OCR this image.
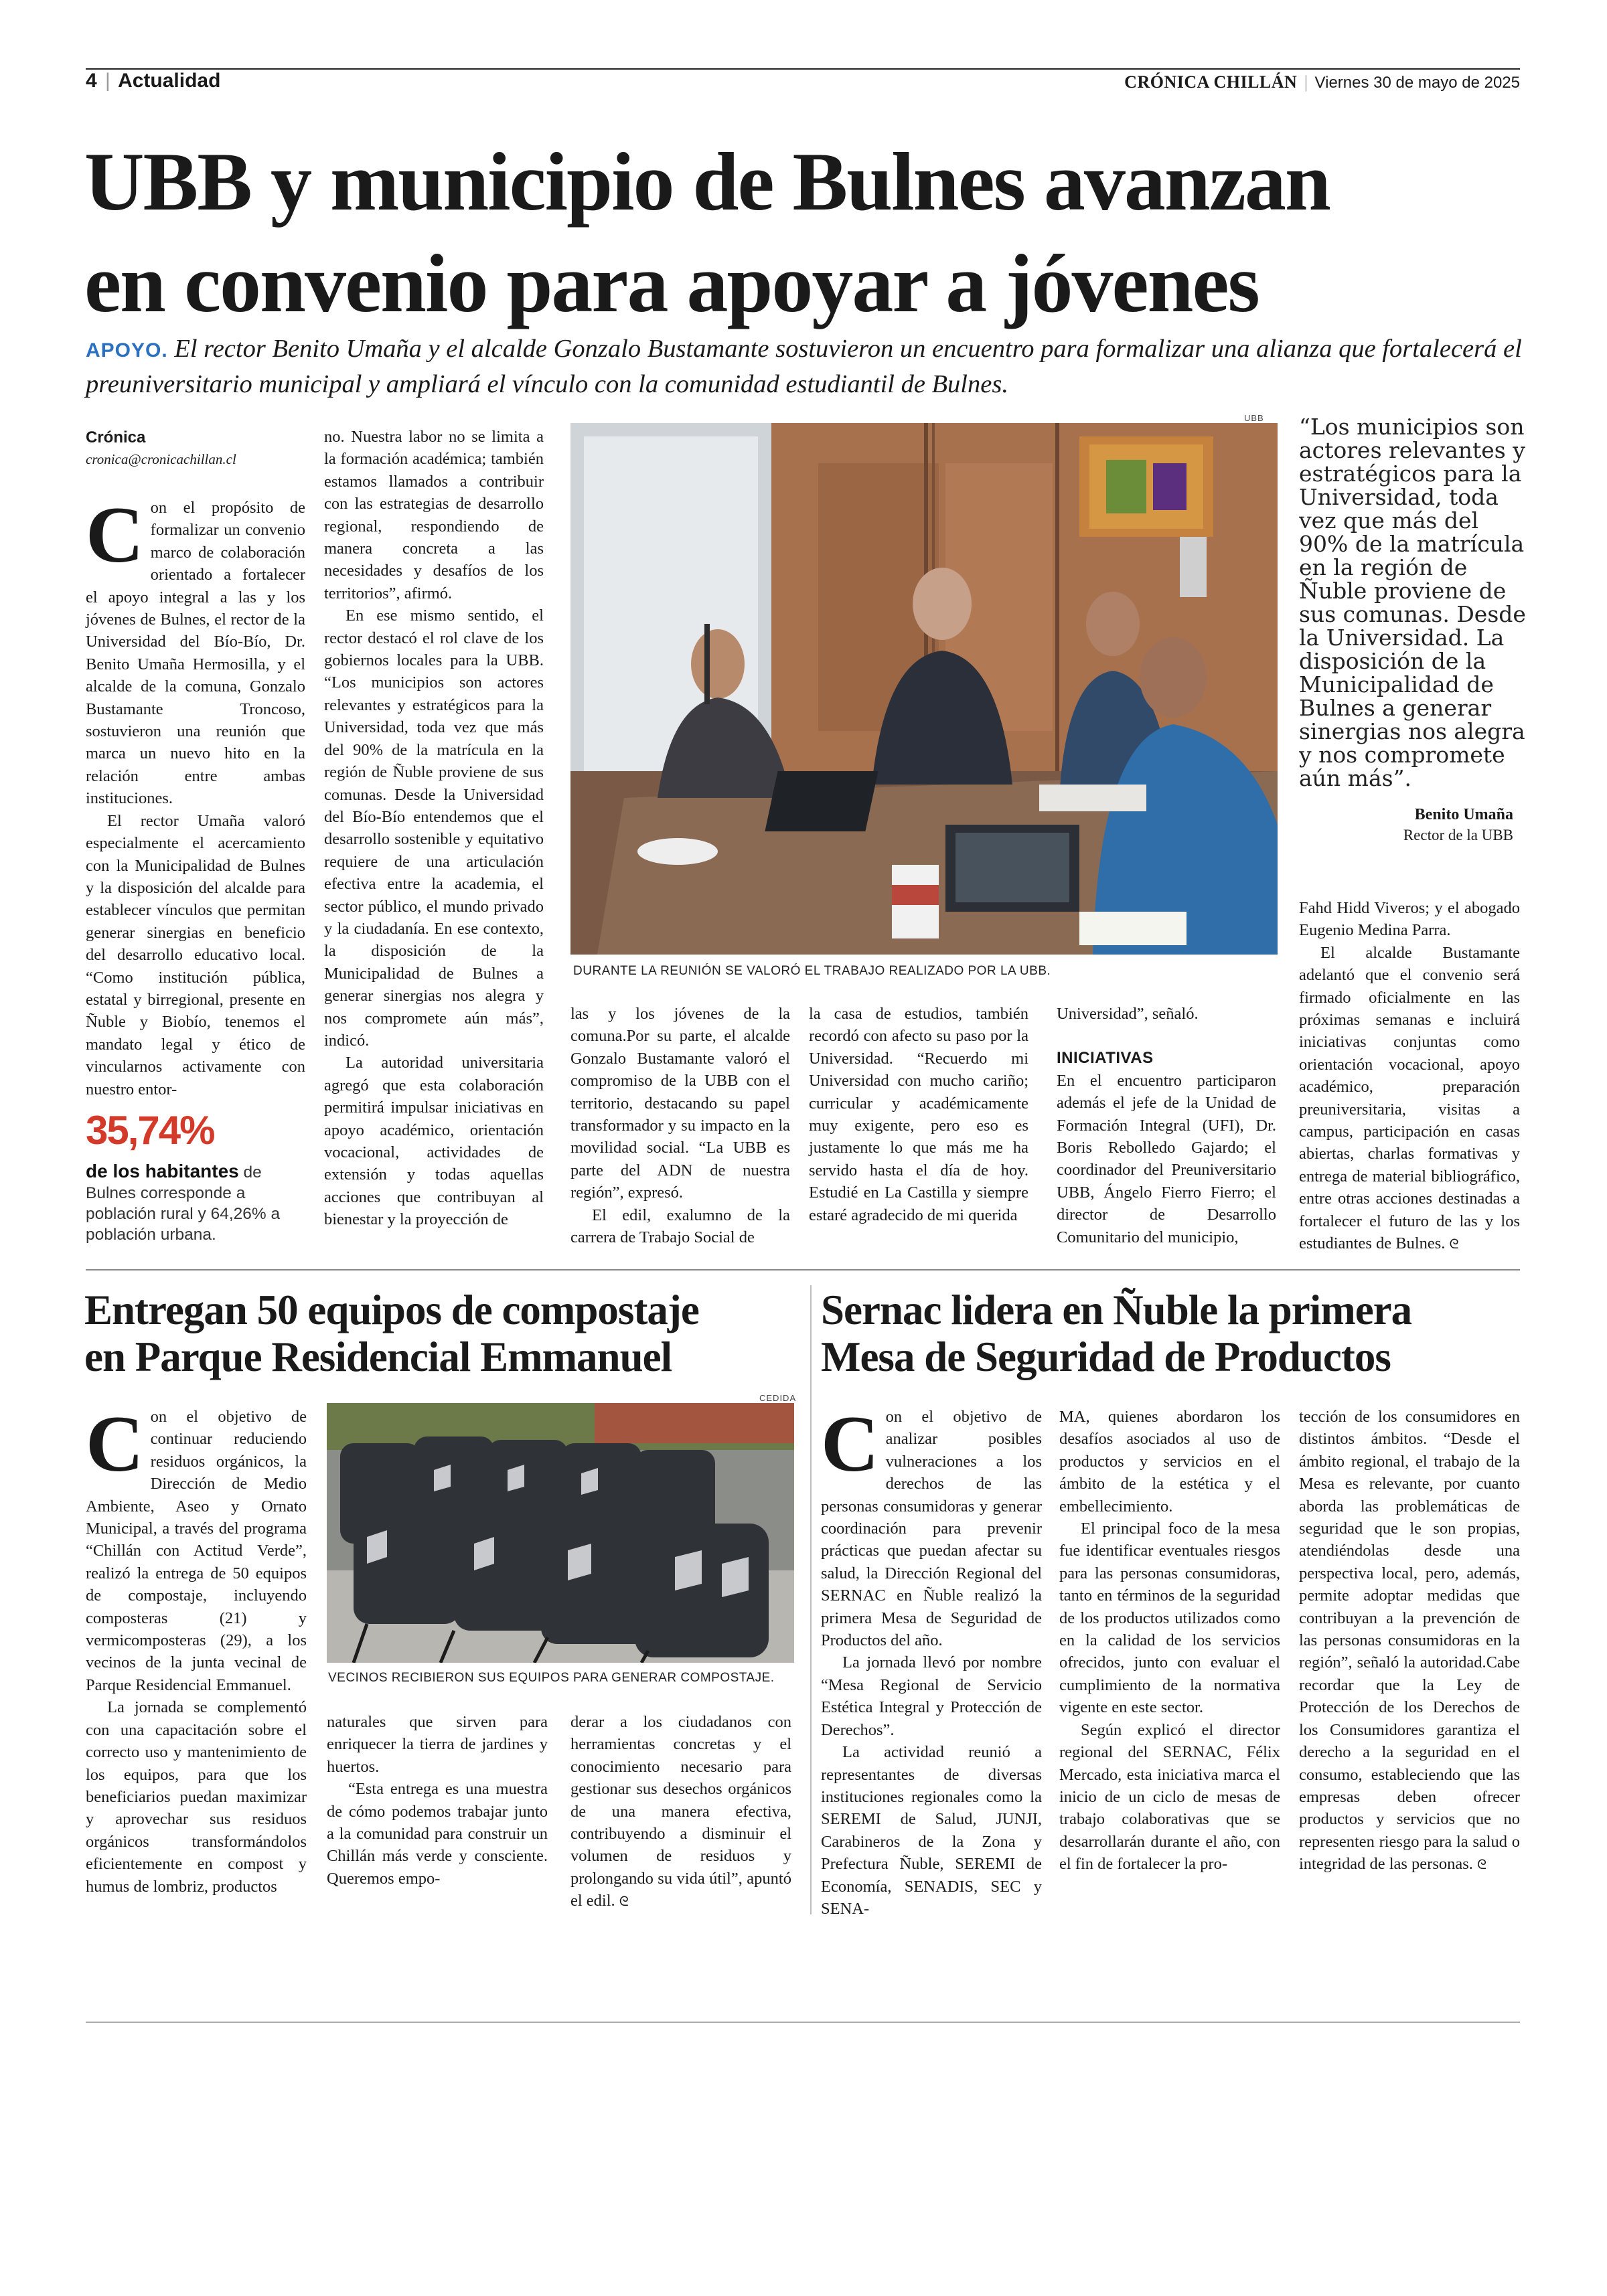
4 | Actualidad	CRÓNICA CHILLÁN | Viernes 30 de mayo de 2025
UBB y municipio de Bulnes avanzan
en convenio para apoyar a jóvenes
APOYO. El rector Benito Umaña y el alcalde Gonzalo Bustamante sostuvieron un encuentro para formalizar una alianza que fortalecerá el preuniversitario municipal y ampliará el vínculo con la comunidad estudiantil de Bulnes.
Crónica
cronica@cronicachillan.cl

Con el propósito de formalizar un convenio marco de colaboración orientado a fortalecer el apoyo integral a las y los jóvenes de Bulnes, el rector de la Universidad del Bío-Bío, Dr. Benito Umaña Hermosilla, y el alcalde de la comuna, Gonzalo Bustamante Troncoso, sostuvieron una reunión que marca un nuevo hito en la relación entre ambas instituciones.

El rector Umaña valoró especialmente el acercamiento con la Municipalidad de Bulnes y la disposición del alcalde para establecer vínculos que permitan generar sinergias en beneficio del desarrollo educativo local. “Como institución pública, estatal y birregional, presente en Ñuble y Biobío, tenemos el mandato legal y ético de vincularnos activamente con nuestro entor-

35,74%
de los habitantes de Bulnes corresponde a población rural y 64,26% a población urbana.

no. Nuestra labor no se limita a la formación académica; también estamos llamados a contribuir con las estrategias de desarrollo regional, respondiendo de manera concreta a las necesidades y desafíos de los territorios”, afirmó.

En ese mismo sentido, el rector destacó el rol clave de los gobiernos locales para la UBB. “Los municipios son actores relevantes y estratégicos para la Universidad, toda vez que más del 90% de la matrícula en la región de Ñuble proviene de sus comunas. Desde la Universidad del Bío-Bío entendemos que el desarrollo sostenible y equitativo requiere de una articulación efectiva entre la academia, el sector público, el mundo privado y la ciudadanía. En ese contexto, la disposición de la Municipalidad de Bulnes a generar sinergias nos alegra y nos compromete aún más”, indicó.

La autoridad universitaria agregó que esta colaboración permitirá impulsar iniciativas en apoyo académico, orientación vocacional, actividades de extensión y todas aquellas acciones que contribuyan al bienestar y la proyección de

UBB
DURANTE LA REUNIÓN SE VALORÓ EL TRABAJO REALIZADO POR LA UBB.

las y los jóvenes de la comuna.Por su parte, el alcalde Gonzalo Bustamante valoró el compromiso de la UBB con el territorio, destacando su papel transformador y su impacto en la movilidad social. “La UBB es parte del ADN de nuestra región”, expresó.

El edil, exalumno de la carrera de Trabajo Social de

la casa de estudios, también recordó con afecto su paso por la Universidad. “Recuerdo mi Universidad con mucho cariño; curricular y académicamente muy exigente, pero eso es justamente lo que más me ha servido hasta el día de hoy. Estudié en La Castilla y siempre estaré agradecido de mi querida

Universidad”, señaló.

INICIATIVAS

En el encuentro participaron además el jefe de la Unidad de Formación Integral (UFI), Dr. Boris Rebolledo Gajardo; el coordinador del Preuniversitario UBB, Ángelo Fierro Fierro; el director de Desarrollo Comunitario del municipio,

“Los municipios son actores relevantes y estratégicos para la Universidad, toda vez que más del 90% de la matrícula en la región de Ñuble proviene de sus comunas. Desde la Universidad. La disposición de la Municipalidad de Bulnes a generar sinergias nos alegra y nos compromete aún más”.
Benito Umaña
Rector de la UBB

Fahd Hidd Viveros; y el abogado Eugenio Medina Parra.

El alcalde Bustamante adelantó que el convenio será firmado oficialmente en las próximas semanas e incluirá iniciativas conjuntas como orientación vocacional, apoyo académico, preparación preuniversitaria, visitas a campus, participación en casas abiertas, charlas formativas y entrega de material bibliográfico, entre otras acciones destinadas a fortalecer el futuro de las y los estudiantes de Bulnes. ᘓ

Entregan 50 equipos de compostaje
en Parque Residencial Emmanuel

Con el objetivo de continuar reduciendo residuos orgánicos, la Dirección de Medio Ambiente, Aseo y Ornato Municipal, a través del programa “Chillán con Actitud Verde”, realizó la entrega de 50 equipos de compostaje, incluyendo composteras (21) y vermicomposteras (29), a los vecinos de la junta vecinal de Parque Residencial Emmanuel.

La jornada se complementó con una capacitación sobre el correcto uso y mantenimiento de los equipos, para que los beneficiarios puedan maximizar y aprovechar sus residuos orgánicos transformándolos eficientemente en compost y humus de lombriz, productos

CEDIDA
VECINOS RECIBIERON SUS EQUIPOS PARA GENERAR COMPOSTAJE.

naturales que sirven para enriquecer la tierra de jardines y huertos.

“Esta entrega es una muestra de cómo podemos trabajar junto a la comunidad para construir un Chillán más verde y consciente. Queremos empo-

derar a los ciudadanos con herramientas concretas y el conocimiento necesario para gestionar sus desechos orgánicos de una manera efectiva, contribuyendo a disminuir el volumen de residuos y prolongando su vida útil”, apuntó el edil. ᘓ

Sernac lidera en Ñuble la primera
Mesa de Seguridad de Productos

Con el objetivo de analizar posibles vulneraciones a los derechos de las personas consumidoras y generar coordinación para prevenir prácticas que puedan afectar su salud, la Dirección Regional del SERNAC en Ñuble realizó la primera Mesa de Seguridad de Productos del año.

La jornada llevó por nombre “Mesa Regional de Servicio Estética Integral y Protección de Derechos”.

La actividad reunió a representantes de diversas instituciones regionales como la SEREMI de Salud, JUNJI, Carabineros de la Zona y Prefectura Ñuble, SEREMI de Economía, SENADIS, SEC y SENA-

MA, quienes abordaron los desafíos asociados al uso de productos y servicios en el ámbito de la estética y el embellecimiento.

El principal foco de la mesa fue identificar eventuales riesgos para las personas consumidoras, tanto en términos de la seguridad de los productos utilizados como en la calidad de los servicios ofrecidos, junto con evaluar el cumplimiento de la normativa vigente en este sector.

Según explicó el director regional del SERNAC, Félix Mercado, esta iniciativa marca el inicio de un ciclo de mesas de trabajo colaborativas que se desarrollarán durante el año, con el fin de fortalecer la pro-

tección de los consumidores en distintos ámbitos. “Desde el ámbito regional, el trabajo de la Mesa es relevante, por cuanto aborda las problemáticas de seguridad que le son propias, atendiéndolas desde una perspectiva local, pero, además, permite adoptar medidas que contribuyan a la prevención de las personas consumidoras en la región”, señaló la autoridad.Cabe recordar que la Ley de Protección de los Derechos de los Consumidores garantiza el derecho a la seguridad en el consumo, estableciendo que las empresas deben ofrecer productos y servicios que no representen riesgo para la salud o integridad de las personas. ᘓ
